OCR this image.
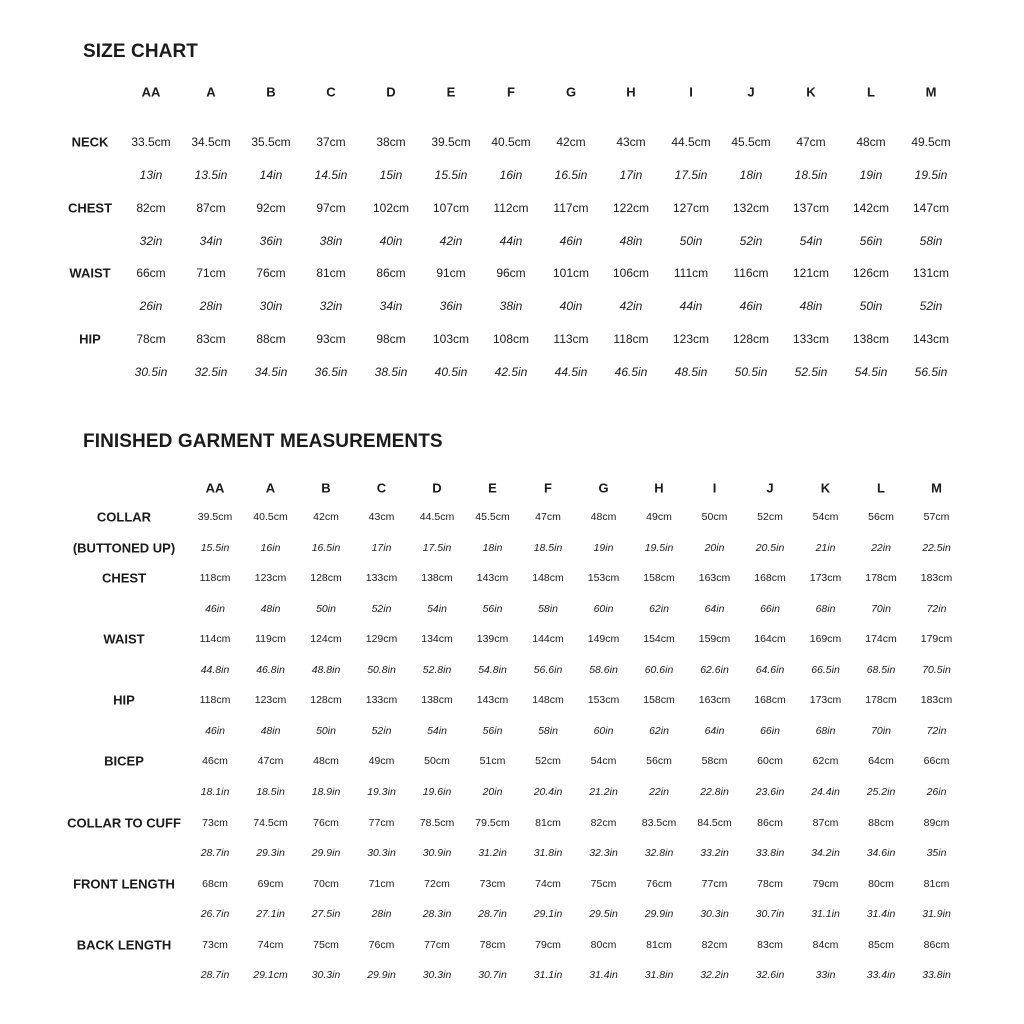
SIZE CHART
AA	A	B	C	D	E	F	G	H	I	J	K	L	M
NECK 33.5cm 34.5cm 35.5cm 37cm	38cm 39.5cm 40.5cm 42cm	43cm 44.5cm 45.5cm 47cm	48cm 49.5cm
13in	13.5in	14in	14.5in	15in	15.5in	16in	16.5in	17in	17.5in	18in	18.5in	19in	19.5in
CHEST 82cm	87cm	92cm	97cm 102cm 107cm 112cm 117cm 122cm 127cm 132cm 137cm 142cm 147cm
32in	34in	36in	38in	40in	42in	44in	46in	48in	50in	52in	54in	56in	58in
WAIST 66cm	71cm	76cm	81cm	86cm	91cm	96cm 101cm 106cm 111cm 116cm 121cm 126cm 131cm
26in	28in	30in	32in	34in	36in	38in	40in	42in	44in	46in	48in	50in	52in
HIP	78cm	83cm	88cm	93cm	98cm 103cm 108cm 113cm 118cm 123cm 128cm 133cm 138cm 143cm
30.5in 32.5in 34.5in 36.5in 38.5in 40.5in 42.5in 44.5in 46.5in 48.5in 50.5in 52.5in 54.5in 56.5in
FINISHED GARMENT MEASUREMENTS
AA	A	B	C	D	E	F	G	H	I	J	K	L	M
COLLAR
(BUTTONED UP)
39.5cm 40.5cm 42cm	43cm 44.5cm 45.5cm 47cm	48cm	49cm	50cm	52cm	54cm	56cm	57cm
15.5in	16in	16.5in	17in	17.5in	18in	18.5in	19in	19.5in	20in	20.5in	21in	22in	22.5in
CHEST	118cm 123cm 128cm 133cm 138cm 143cm 148cm 153cm 158cm 163cm 168cm 173cm 178cm 183cm
46in	48in	50in	52in	54in	56in	58in	60in	62in	64in	66in	68in	70in	72in
WAIST	114cm 119cm 124cm 129cm 134cm 139cm 144cm 149cm 154cm 159cm 164cm 169cm 174cm 179cm
44.8in	46.8in	48.8in	50.8in	52.8in	54.8in	56.6in	58.6in	60.6in	62.6in	64.6in	66.5in	68.5in	70.5in
HIP	118cm 123cm 128cm 133cm 138cm 143cm 148cm 153cm 158cm 163cm 168cm 173cm 178cm 183cm
46in	48in	50in	52in	54in	56in	58in	60in	62in	64in	66in	68in	70in	72in
BICEP	46cm	47cm	48cm	49cm	50cm	51cm	52cm	54cm	56cm	58cm	60cm	62cm	64cm	66cm
18.1in	18.5in	18.9in	19.3in	19.6in	20in	20.4in	21.2in	22in	22.8in	23.6in	24.4in	25.2in	26in
COLLAR TO CUFF 73cm 74.5cm 76cm	77cm 78.5cm 79.5cm 81cm	82cm 83.5cm 84.5cm 86cm	87cm	88cm	89cm
28.7in	29.3in	29.9in	30.3in	30.9in	31.2in	31.8in	32.3in	32.8in	33.2in	33.8in	34.2in	34.6in	35in
FRONT LENGTH	68cm	69cm	70cm	71cm	72cm	73cm	74cm	75cm	76cm	77cm	78cm	79cm	80cm	81cm
26.7in	27.1in	27.5in	28in	28.3in	28.7in	29.1in	29.5in	29.9in	30.3in	30.7in	31.1in	31.4in	31.9in
BACK LENGTH	73cm	74cm	75cm	76cm	77cm	78cm	79cm	80cm	81cm	82cm	83cm	84cm	85cm	86cm
28.7in 29.1cm 30.3in	29.9in	30.3in	30.7in	31.1in	31.4in	31.8in	32.2in	32.6in	33in	33.4in	33.8in
